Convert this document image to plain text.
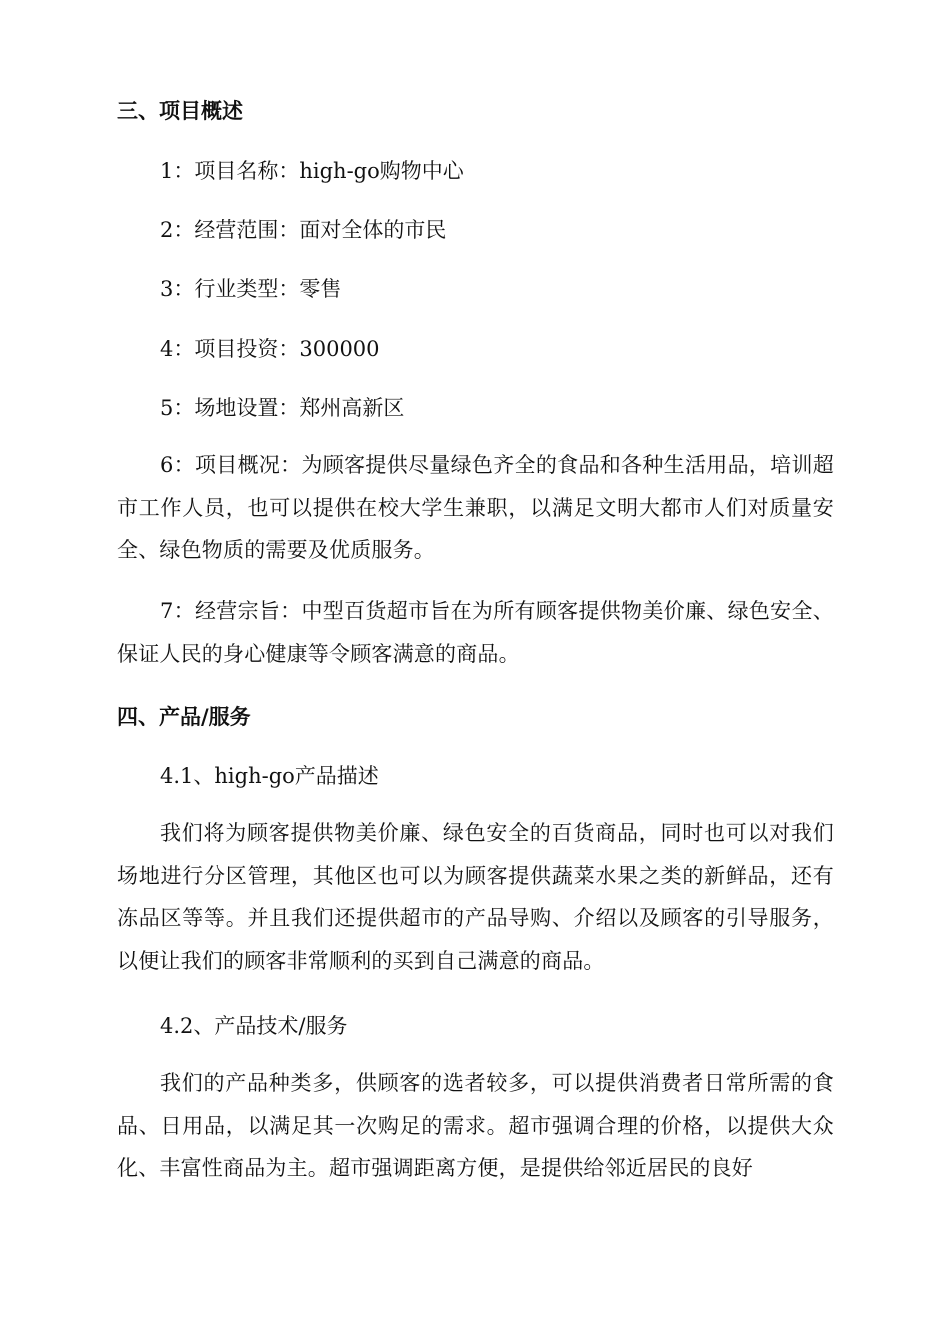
三、项目概述
1：项目名称：high-go购物中心
2：经营范围：面对全体的市民
3：行业类型：零售
4：项目投资：300000
5：场地设置：郑州高新区

6：项目概况：为顾客提供尽量绿色齐全的食品和各种生活用品，培训超市工作人员，也可以提供在校大学生兼职，以满足文明大都市人们对质量安全、绿色物质的需要及优质服务。

7：经营宗旨：中型百货超市旨在为所有顾客提供物美价廉、绿色安全、保证人民的身心健康等令顾客满意的商品。

四、产品/服务
4.1、high-go产品描述

我们将为顾客提供物美价廉、绿色安全的百货商品，同时也可以对我们场地进行分区管理，其他区也可以为顾客提供蔬菜水果之类的新鲜品，还有冻品区等等。并且我们还提供超市的产品导购、介绍以及顾客的引导服务，以便让我们的顾客非常顺利的买到自己满意的商品。

4.2、产品技术/服务

我们的产品种类多，供顾客的选者较多，可以提供消费者日常所需的食品、日用品，以满足其一次购足的需求。超市强调合理的价格，以提供大众化、丰富性商品为主。超市强调距离方便，是提供给邻近居民的良好
